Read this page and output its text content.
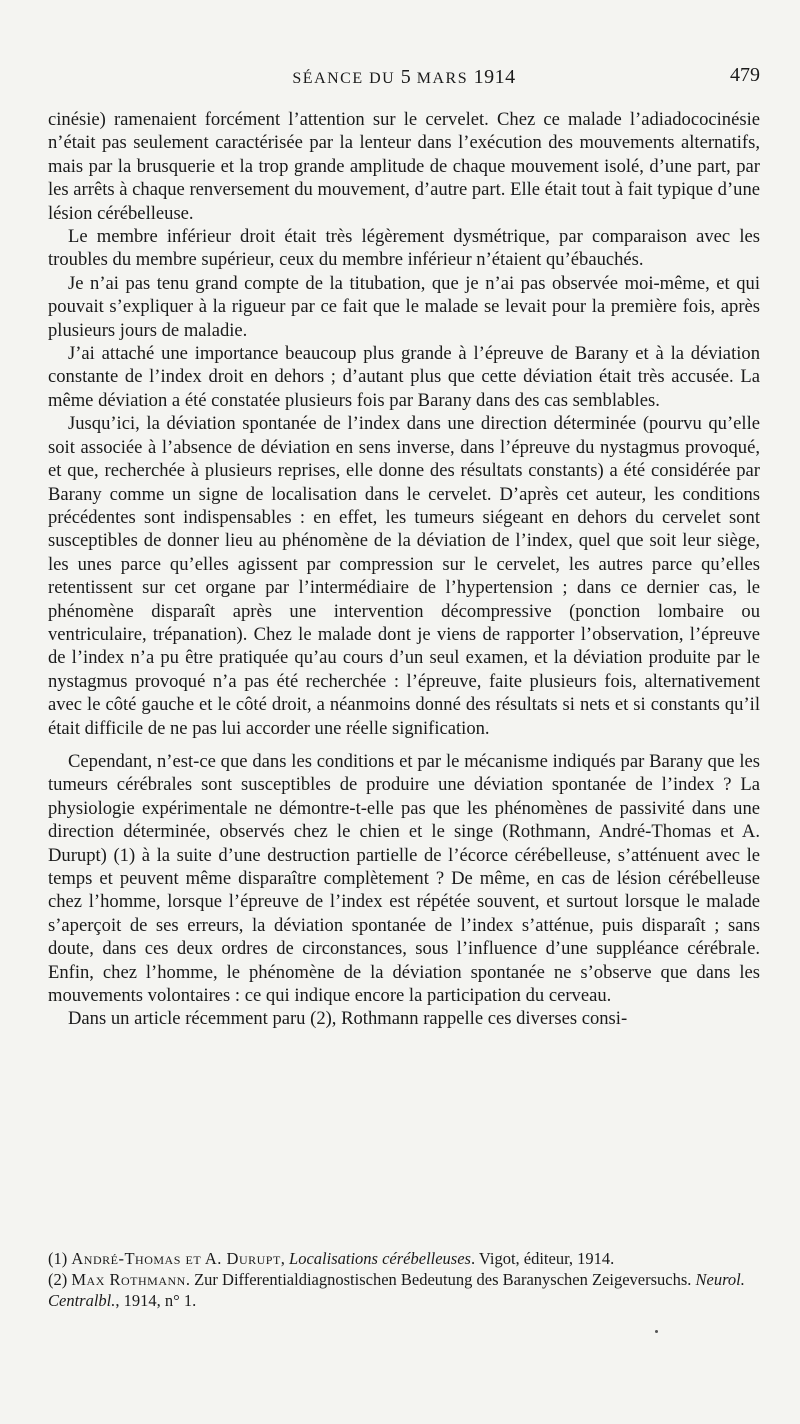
SÉANCE DU 5 MARS 1914	479

cinésie) ramenaient forcément l’attention sur le cervelet. Chez ce malade l’adiadococinésie n’était pas seulement caractérisée par la lenteur dans l’exécution des mouvements alternatifs, mais par la brusquerie et la trop grande amplitude de chaque mouvement isolé, d’une part, par les arrêts à chaque renversement du mouvement, d’autre part. Elle était tout à fait typique d’une lésion cérébelleuse.

Le membre inférieur droit était très légèrement dysmétrique, par comparaison avec les troubles du membre supérieur, ceux du membre inférieur n’étaient qu’ébauchés.

Je n’ai pas tenu grand compte de la titubation, que je n’ai pas observée moi-même, et qui pouvait s’expliquer à la rigueur par ce fait que le malade se levait pour la première fois, après plusieurs jours de maladie.

J’ai attaché une importance beaucoup plus grande à l’épreuve de Barany et à la déviation constante de l’index droit en dehors ; d’autant plus que cette déviation était très accusée. La même déviation a été constatée plusieurs fois par Barany dans des cas semblables.

Jusqu’ici, la déviation spontanée de l’index dans une direction déterminée (pourvu qu’elle soit associée à l’absence de déviation en sens inverse, dans l’épreuve du nystagmus provoqué, et que, recherchée à plusieurs reprises, elle donne des résultats constants) a été considérée par Barany comme un signe de localisation dans le cervelet. D’après cet auteur, les conditions précédentes sont indispensables : en effet, les tumeurs siégeant en dehors du cervelet sont susceptibles de donner lieu au phénomène de la déviation de l’index, quel que soit leur siège, les unes parce qu’elles agissent par compression sur le cervelet, les autres parce qu’elles retentissent sur cet organe par l’intermédiaire de l’hypertension ; dans ce dernier cas, le phénomène disparaît après une intervention décompressive (ponction lombaire ou ventriculaire, trépanation). Chez le malade dont je viens de rapporter l’observation, l’épreuve de l’index n’a pu être pratiquée qu’au cours d’un seul examen, et la déviation produite par le nystagmus provoqué n’a pas été recherchée : l’épreuve, faite plusieurs fois, alternativement avec le côté gauche et le côté droit, a néanmoins donné des résultats si nets et si constants qu’il était difficile de ne pas lui accorder une réelle signification.

Cependant, n’est-ce que dans les conditions et par le mécanisme indiqués par Barany que les tumeurs cérébrales sont susceptibles de produire une déviation spontanée de l’index ? La physiologie expérimentale ne démontre-t-elle pas que les phénomènes de passivité dans une direction déterminée, observés chez le chien et le singe (Rothmann, André-Thomas et A. Durupt) (1) à la suite d’une destruction partielle de l’écorce cérébelleuse, s’atténuent avec le temps et peuvent même disparaître complètement ? De même, en cas de lésion cérébelleuse chez l’homme, lorsque l’épreuve de l’index est répétée souvent, et surtout lorsque le malade s’aperçoit de ses erreurs, la déviation spontanée de l’index s’atténue, puis disparaît ; sans doute, dans ces deux ordres de circonstances, sous l’influence d’une suppléance cérébrale. Enfin, chez l’homme, le phénomène de la déviation spontanée ne s’observe que dans les mouvements volontaires : ce qui indique encore la participation du cerveau.

Dans un article récemment paru (2), Rothmann rappelle ces diverses consi-

(1) André-Thomas et A. Durupt, Localisations cérébelleuses. Vigot, éditeur, 1914.

(2) Max Rothmann. Zur Differentialdiagnostischen Bedeutung des Baranyschen Zeigeversuchs. Neurol. Centralbl., 1914, n° 1.
